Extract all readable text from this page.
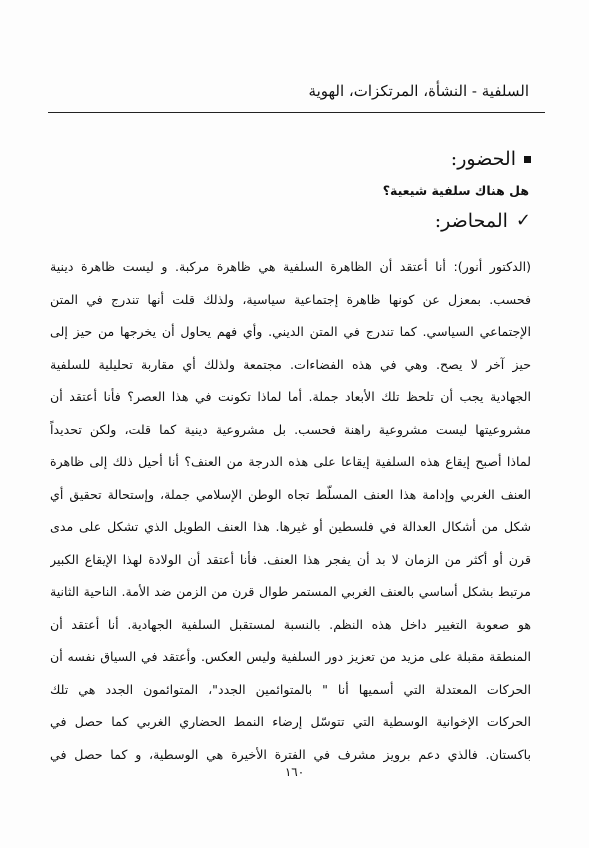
السلفية - النشأة، المرتكزات، الهوية
الحضور:
هل هناك سلفية شيعية؟
✓
المحاضر:
(الدكتور أنور): أنا أعتقد أن الظاهرة السلفية هي ظاهرة مركبة. و ليست ظاهرة دينية
فحسب. بمعزل عن كونها ظاهرة إجتماعية سياسية، ولذلك قلت أنها تندرج في المتن
الإجتماعي السياسي. كما تندرج في المتن الديني. وأي فهم يحاول أن يخرجها من حيز إلى
حيز آخر لا يصح. وهي في هذه الفضاءات. مجتمعة ولذلك أي مقاربة تحليلية للسلفية
الجهادية يجب أن تلحظ تلك الأبعاد جملة. أما لماذا تكونت في هذا العصر؟ فأنا أعتقد أن
مشروعيتها ليست مشروعية راهنة فحسب. بل مشروعية دينية كما قلت، ولكن تحديداً
لماذا أصبح إيقاع هذه السلفية إيقاعا على هذه الدرجة من العنف؟ أنا أحيل ذلك إلى ظاهرة
العنف الغربي وإدامة هذا العنف المسلّط تجاه الوطن الإسلامي جملة، وإستحالة تحقيق أي
شكل من أشكال العدالة في فلسطين أو غيرها. هذا العنف الطويل الذي تشكل على مدى
قرن أو أكثر من الزمان لا بد أن يفجر هذا العنف. فأنا أعتقد أن الولادة لهذا الإيقاع الكبير
مرتبط بشكل أساسي بالعنف الغربي المستمر طوال قرن من الزمن ضد الأمة. الناحية الثانية
هو صعوبة التغيير داخل هذه النظم. بالنسبة لمستقبل السلفية الجهادية. أنا أعتقد أن
المنطقة مقبلة على مزيد من تعزيز دور السلفية وليس العكس. وأعتقد في السياق نفسه أن
الحركات المعتدلة التي أسميها أنا " بالمتوائمين الجدد"، المتوائمون الجدد هي تلك
الحركات الإخوانية الوسطية التي تتوسّل إرضاء النمط الحضاري الغربي كما حصل في
باكستان. فالذي دعم برويز مشرف في الفترة الأخيرة هي الوسطية، و كما حصل في
١٦٠
